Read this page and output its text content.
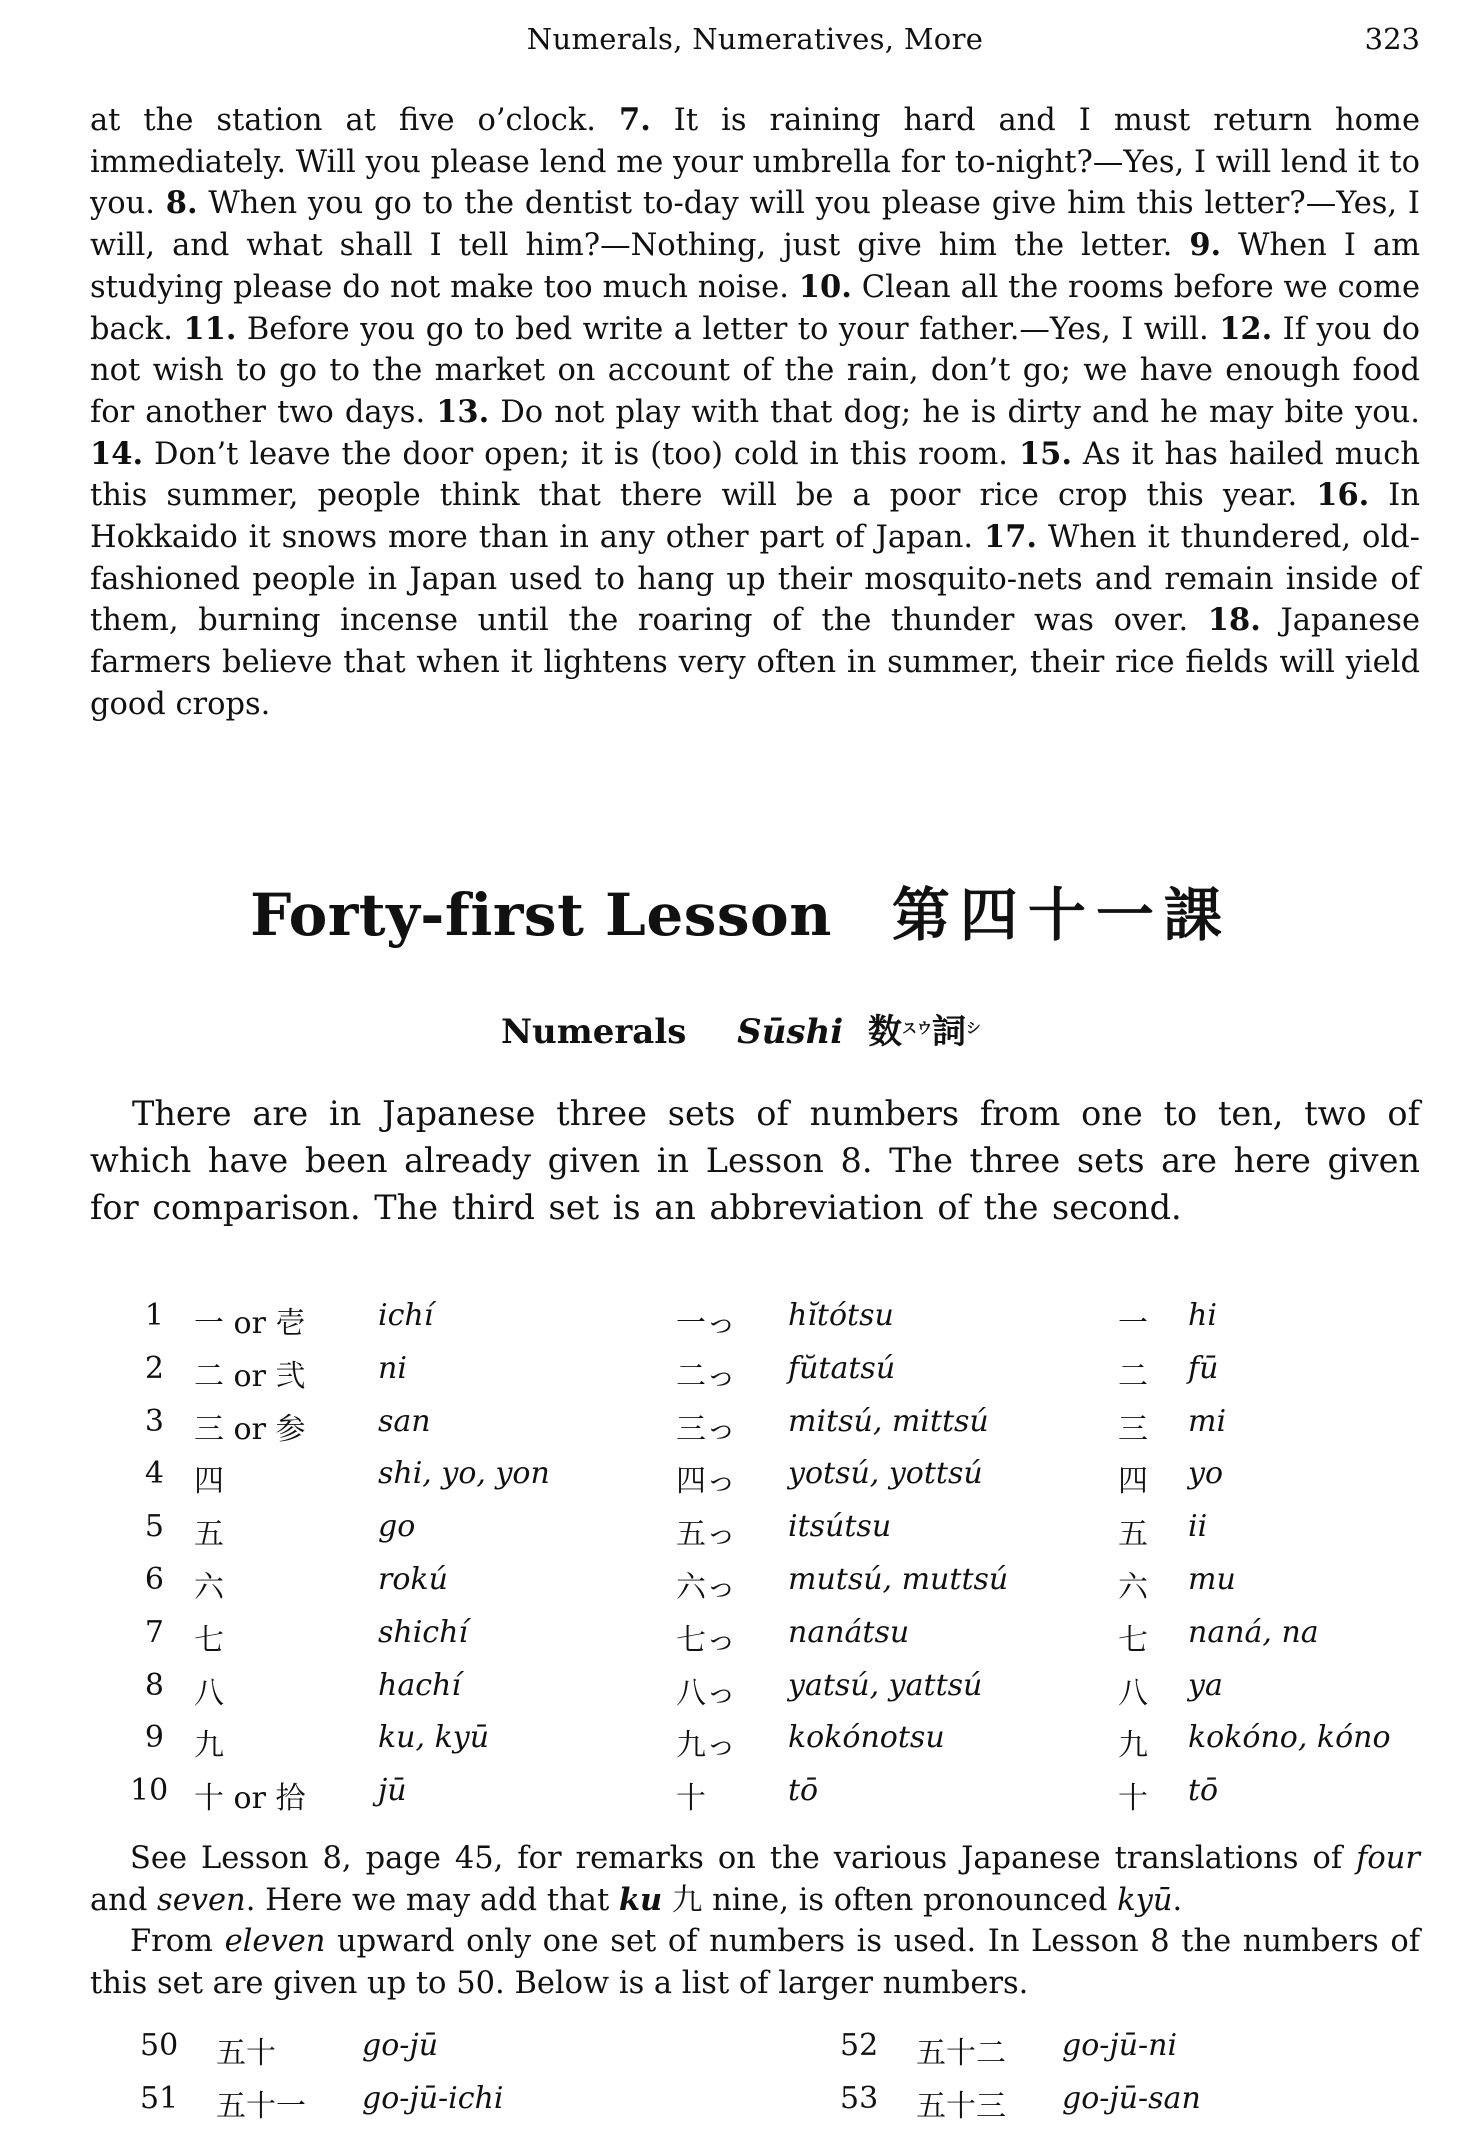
Numerals, Numeratives, More	323

at the station at five o’clock. 7. It is raining hard and I must return home immediately. Will you please lend me your umbrella for to-night?—Yes, I will lend it to you. 8. When you go to the dentist to-day will you please give him this letter?—Yes, I will, and what shall I tell him?—Nothing, just give him the letter. 9. When I am studying please do not make too much noise. 10. Clean all the rooms before we come back. 11. Before you go to bed write a letter to your father.—Yes, I will. 12. If you do not wish to go to the market on account of the rain, don’t go; we have enough food for another two days. 13. Do not play with that dog; he is dirty and he may bite you. 14. Don’t leave the door open; it is (too) cold in this room. 15. As it has hailed much this summer, people think that there will be a poor rice crop this year. 16. In Hokkaido it snows more than in any other part of Japan. 17. When it thundered, old-fashioned people in Japan used to hang up their mosquito-nets and remain inside of them, burning incense until the roaring of the thunder was over. 18. Japanese farmers believe that when it lightens very often in summer, their rice fields will yield good crops.

Forty-first Lesson 第四十一課
Numerals Sūshi 数$^{スウ}$詞$^シ$

There are in Japanese three sets of numbers from one to ten, two of which have been already given in Lesson 8. The three sets are here given for comparison. The third set is an abbreviation of the second.

1 一 or 壱 ichí	一っ hĭtótsu	一 hi
2 二 or 弐 ni	二っ fŭtatsú	二 fū
3 三 or 参 san	三っ mitsú, mittsú	三 mi
4 四	shi, yo, yon	四っ yotsú, yottsú	四 yo
5 五	go	五っ itsútsu	五 ii
6 六	rokú	六っ mutsú, muttsú	六 mu
7 七	shichí	七っ nanátsu	七 naná, na
8 八	hachí	八っ yatsú, yattsú	八 ya
9 九	ku, kyū	九っ kokónotsu	九 kokóno, kóno
10 十 or 拾 jū	十	tō	十 tō

See Lesson 8, page 45, for remarks on the various Japanese translations of four and seven. Here we may add that ku 九 nine, is often pronounced kyū.

From eleven upward only one set of numbers is used. In Lesson 8 the numbers of this set are given up to 50. Below is a list of larger numbers.

50 五十	go-jū	52 五十二 go-jū-ni
51 五十一 go-jū-ichi	53 五十三 go-jū-san
